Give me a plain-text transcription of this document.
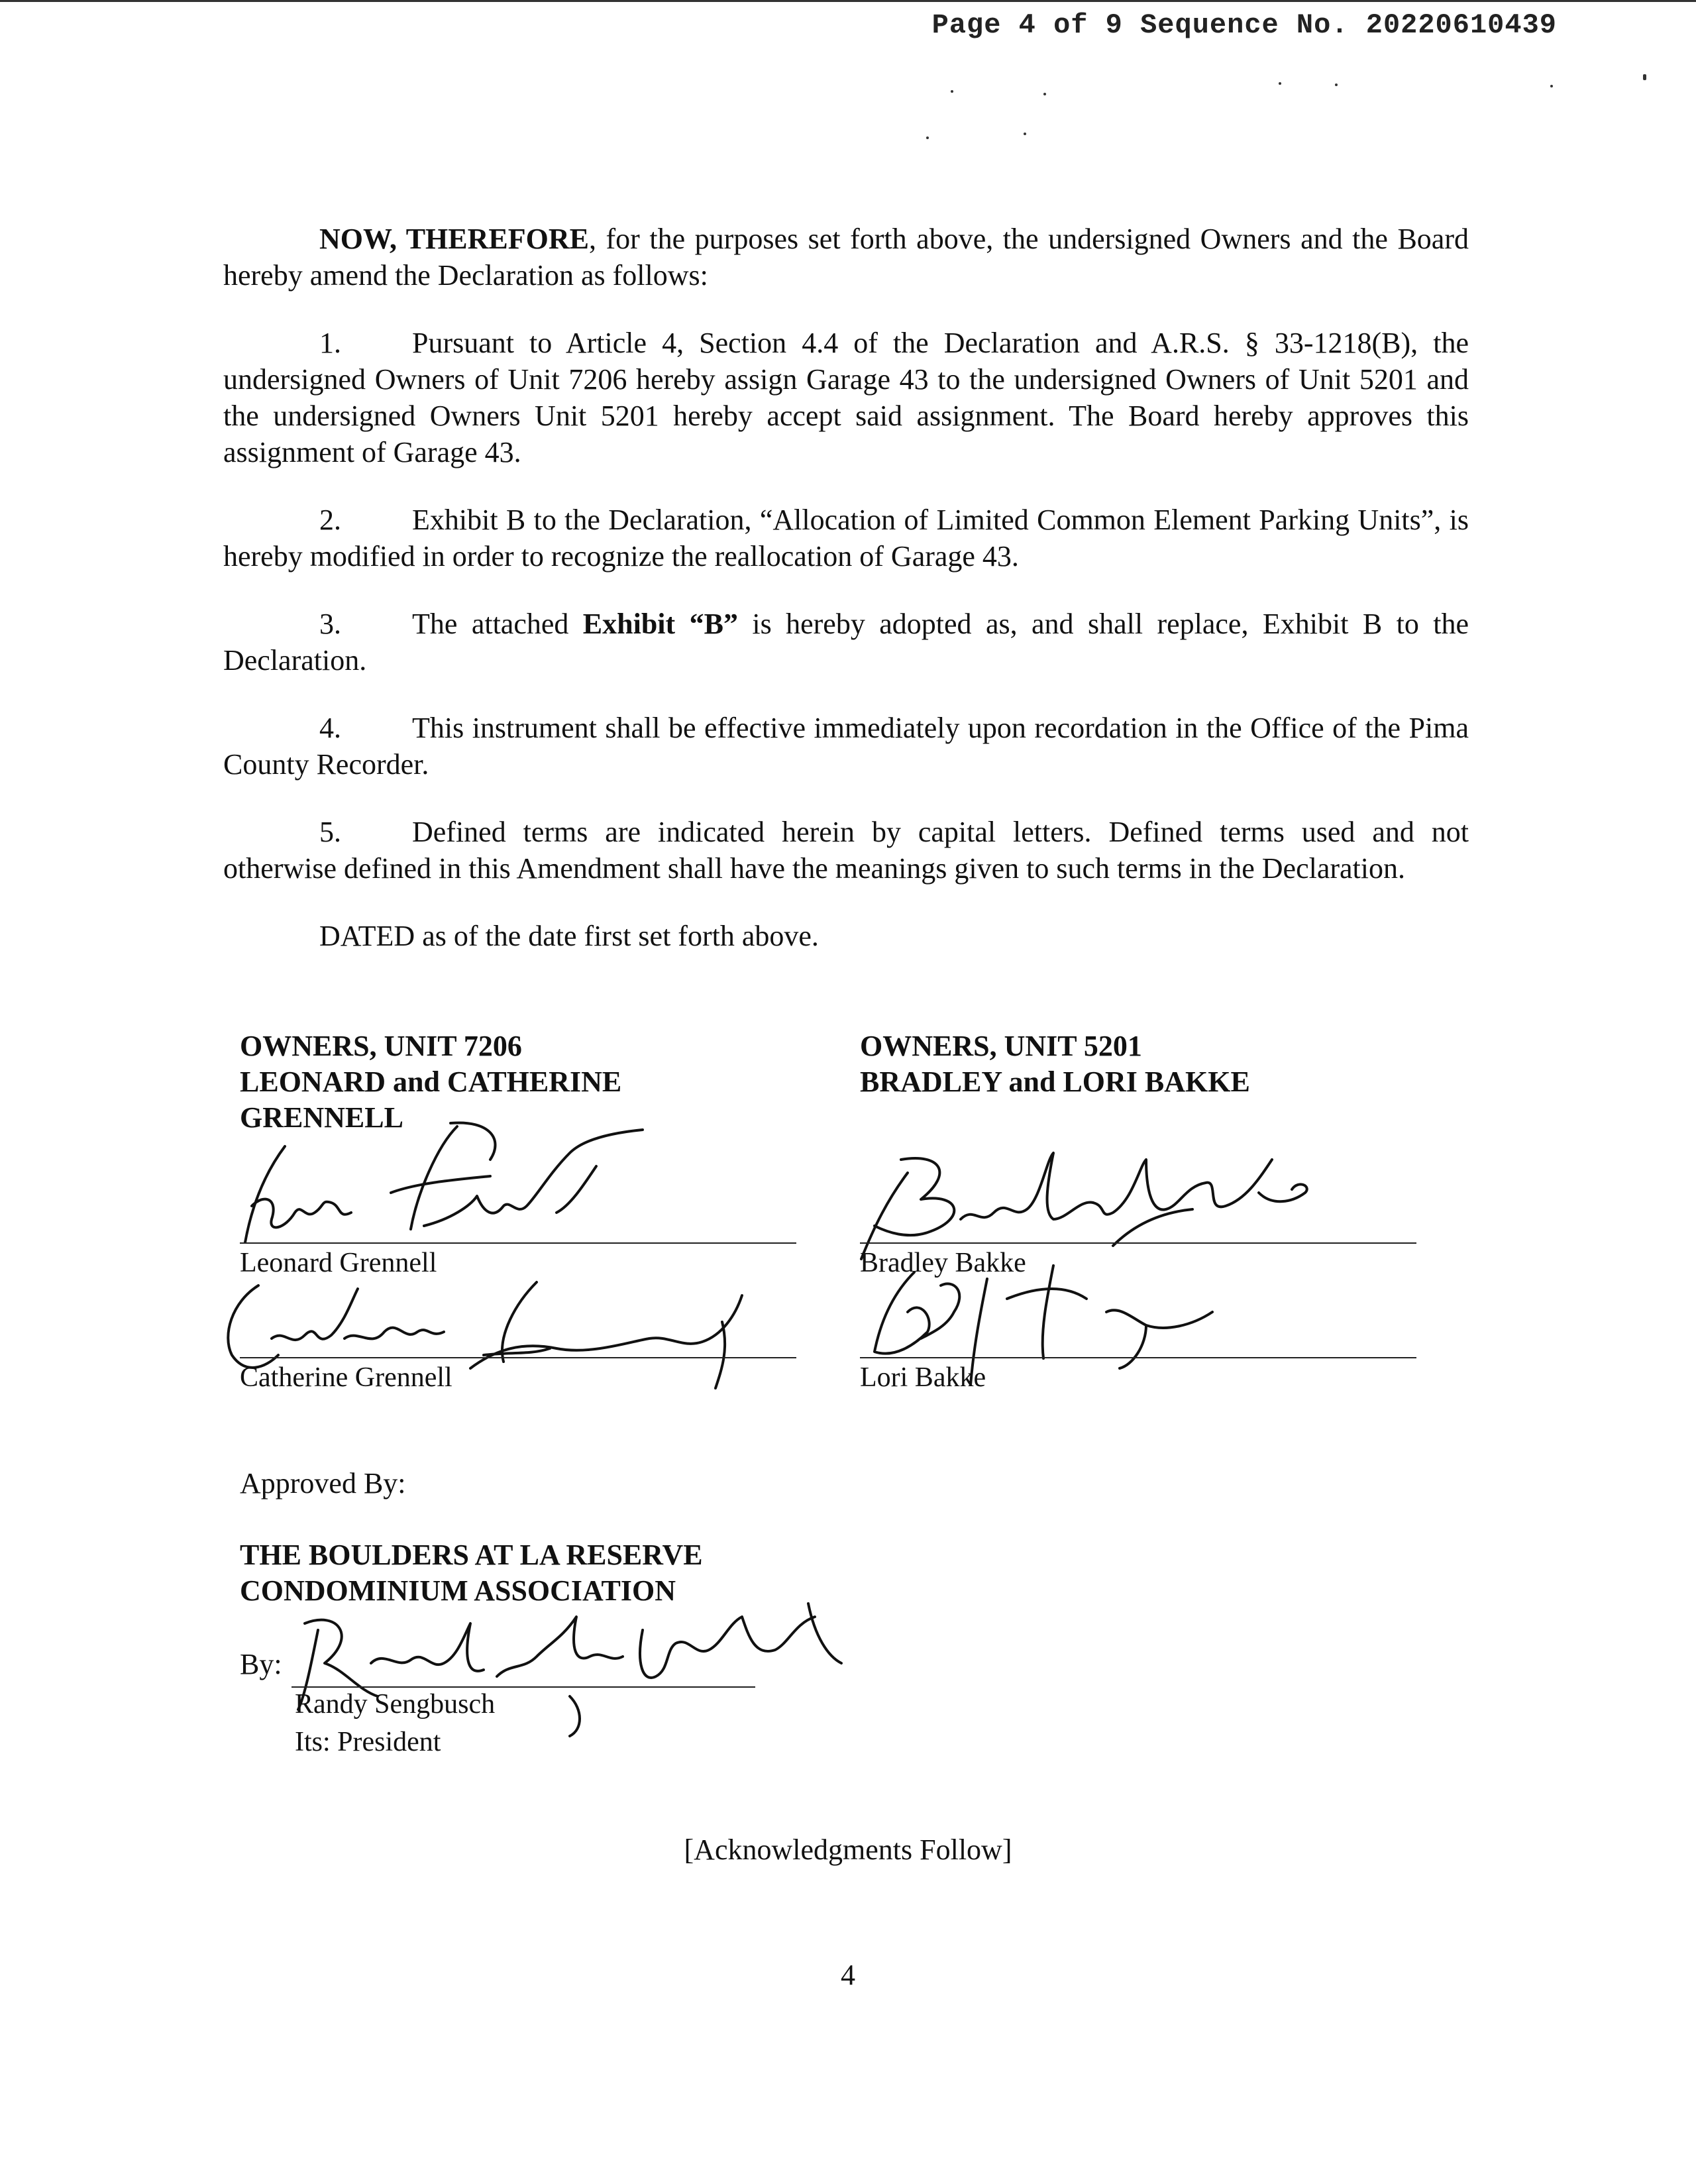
Page 4 of 9 Sequence No. 20220610439

NOW, THEREFORE, for the purposes set forth above, the undersigned Owners and the Board hereby amend the Declaration as follows:

1. Pursuant to Article 4, Section 4.4 of the Declaration and A.R.S. § 33-1218(B), the undersigned Owners of Unit 7206 hereby assign Garage 43 to the undersigned Owners of Unit 5201 and the undersigned Owners Unit 5201 hereby accept said assignment. The Board hereby approves this assignment of Garage 43.

2. Exhibit B to the Declaration, “Allocation of Limited Common Element Parking Units”, is hereby modified in order to recognize the reallocation of Garage 43.

3. The attached Exhibit “B” is hereby adopted as, and shall replace, Exhibit B to the Declaration.

4. This instrument shall be effective immediately upon recordation in the Office of the Pima County Recorder.

5. Defined terms are indicated herein by capital letters. Defined terms used and not otherwise defined in this Amendment shall have the meanings given to such terms in the Declaration.

DATED as of the date first set forth above.

OWNERS, UNIT 7206
LEONARD and CATHERINE
GRENNELL
OWNERS, UNIT 5201
BRADLEY and LORI BAKKE
Leonard Grennell
Catherine Grennell
Bradley Bakke
Lori Bakke
Approved By:
THE BOULDERS AT LA RESERVE
CONDOMINIUM ASSOCIATION
By:
Randy Sengbusch
Its: President
[Acknowledgments Follow]
4
